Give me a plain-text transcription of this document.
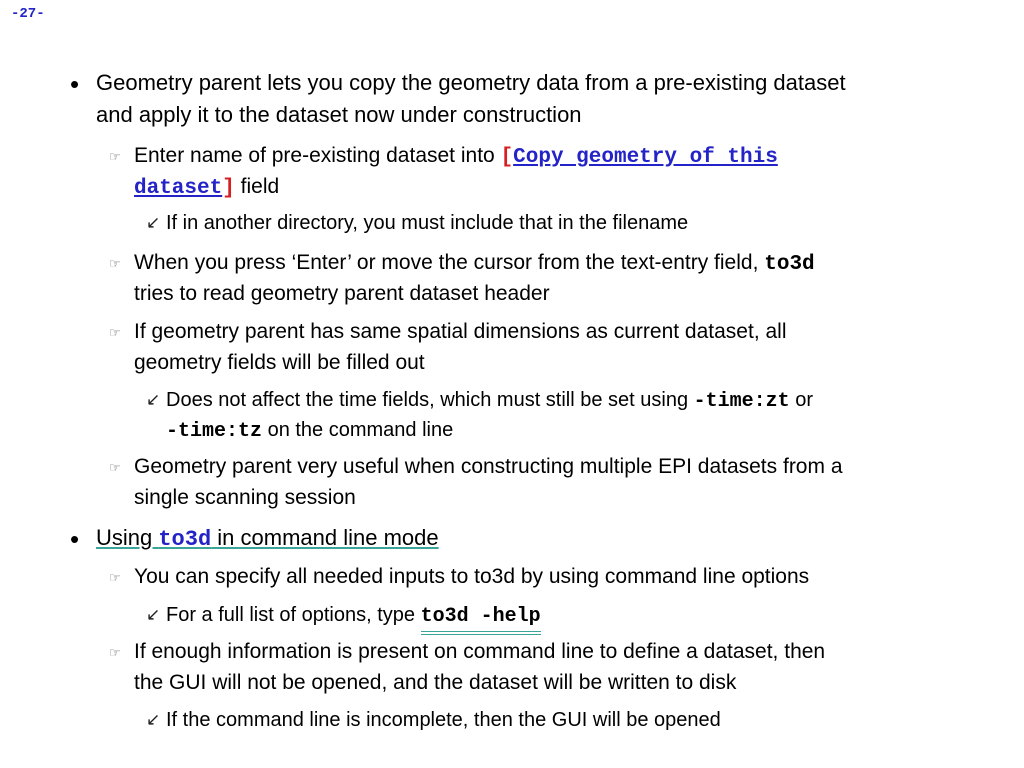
-27-
• Geometry parent lets you copy the geometry data from a pre-existing dataset
and apply it to the dataset now under construction
☞ Enter name of pre-existing dataset into [Copy geometry of this
dataset] field
↙ If in another directory, you must include that in the filename
☞ When you press ‘Enter’ or move the cursor from the text-entry field, to3d
tries to read geometry parent dataset header
☞ If geometry parent has same spatial dimensions as current dataset, all
geometry fields will be filled out
↙ Does not affect the time fields, which must still be set using -time:zt or
-time:tz on the command line
☞ Geometry parent very useful when constructing multiple EPI datasets from a
single scanning session
• Using to3d in command line mode
☞ You can specify all needed inputs to to3d by using command line options
↙ For a full list of options, type to3d -help
☞ If enough information is present on command line to define a dataset, then
the GUI will not be opened, and the dataset will be written to disk
↙ If the command line is incomplete, then the GUI will be opened
